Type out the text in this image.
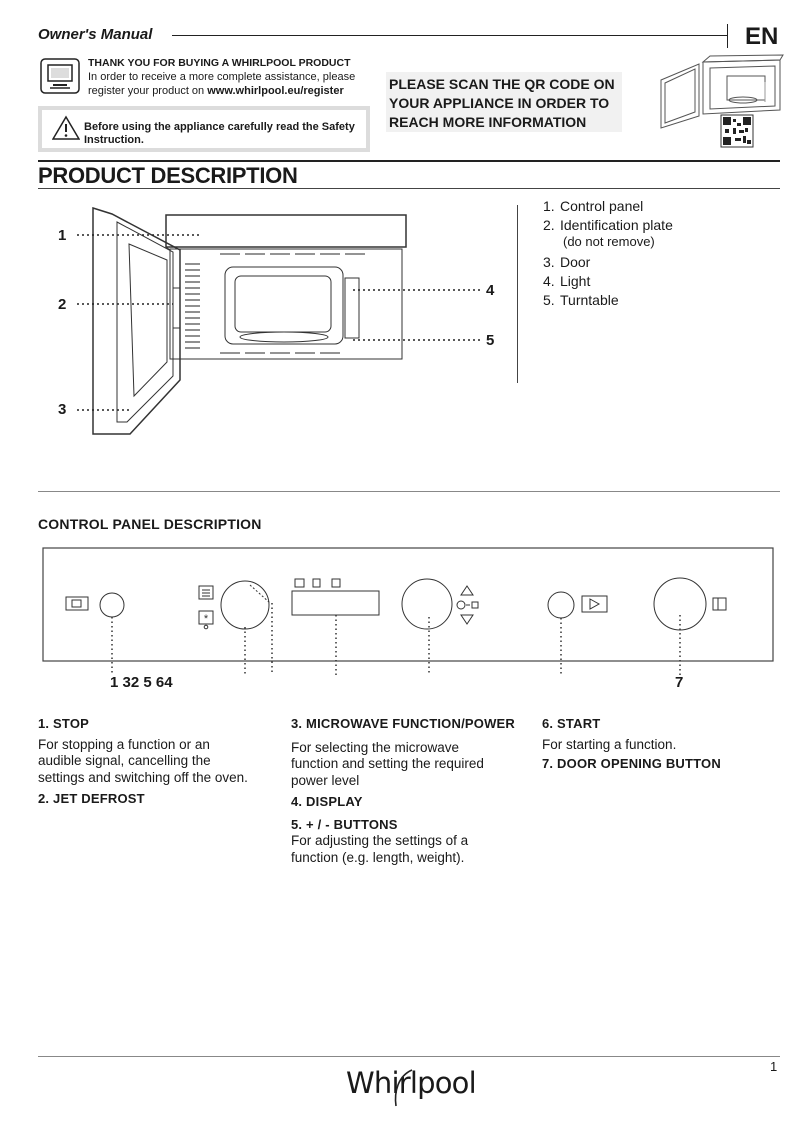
Owner's Manual	EN
THANK YOU FOR BUYING A WHIRLPOOL PRODUCT
In order to receive a more complete assistance, please
register your product on www.whirlpool.eu/register
Before using the appliance carefully read the Safety
Instruction.
PLEASE SCAN THE QR CODE ON
YOUR APPLIANCE IN ORDER TO
REACH MORE INFORMATION
PRODUCT DESCRIPTION
1
2
3
4
5
1. Control panel
2. Identification plate
(do not remove)
3. Door
4. Light
5. Turntable
CONTROL PANEL DESCRIPTION
*
1 32 5 64	7
1. STOP
For stopping a function or an
audible signal, cancelling the
settings and switching off the oven.
2. JET DEFROST
3. MICROWAVE FUNCTION/POWER
For selecting the microwave
function and setting the required
power level
4. DISPLAY
5. + / - BUTTONS
For adjusting the settings of a
function (e.g. length, weight).
6. START
For starting a function.
7. DOOR OPENING BUTTON
1
Whirlpool
